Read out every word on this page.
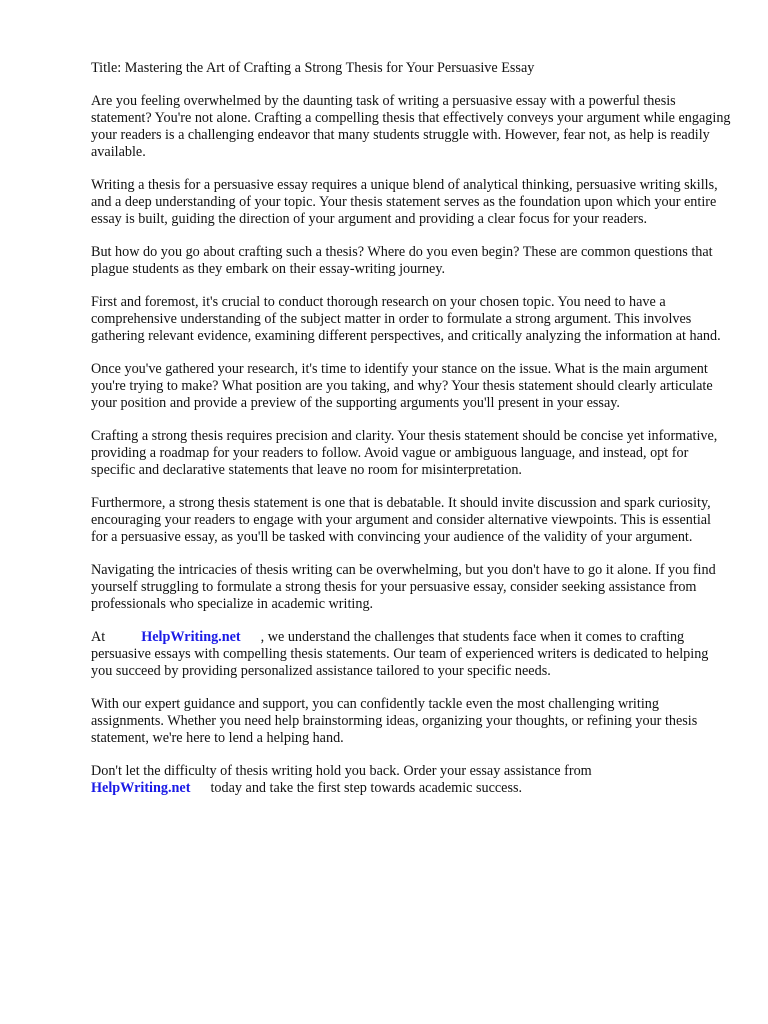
Title: Mastering the Art of Crafting a Strong Thesis for Your Persuasive Essay

Are you feeling overwhelmed by the daunting task of writing a persuasive essay with a powerful thesis statement? You're not alone. Crafting a compelling thesis that effectively conveys your argument while engaging your readers is a challenging endeavor that many students struggle with. However, fear not, as help is readily available.

Writing a thesis for a persuasive essay requires a unique blend of analytical thinking, persuasive writing skills, and a deep understanding of your topic. Your thesis statement serves as the foundation upon which your entire essay is built, guiding the direction of your argument and providing a clear focus for your readers.

But how do you go about crafting such a thesis? Where do you even begin? These are common questions that plague students as they embark on their essay-writing journey.

First and foremost, it's crucial to conduct thorough research on your chosen topic. You need to have a comprehensive understanding of the subject matter in order to formulate a strong argument. This involves gathering relevant evidence, examining different perspectives, and critically analyzing the information at hand.

Once you've gathered your research, it's time to identify your stance on the issue. What is the main argument you're trying to make? What position are you taking, and why? Your thesis statement should clearly articulate your position and provide a preview of the supporting arguments you'll present in your essay.

Crafting a strong thesis requires precision and clarity. Your thesis statement should be concise yet informative, providing a roadmap for your readers to follow. Avoid vague or ambiguous language, and instead, opt for specific and declarative statements that leave no room for misinterpretation.

Furthermore, a strong thesis statement is one that is debatable. It should invite discussion and spark curiosity, encouraging your readers to engage with your argument and consider alternative viewpoints. This is essential for a persuasive essay, as you'll be tasked with convincing your audience of the validity of your argument.

Navigating the intricacies of thesis writing can be overwhelming, but you don't have to go it alone. If you find yourself struggling to formulate a strong thesis for your persuasive essay, consider seeking assistance from professionals who specialize in academic writing.

At	HelpWriting.net , we understand the challenges that students face when it comes to crafting persuasive essays with compelling thesis statements. Our team of experienced writers is dedicated to helping you succeed by providing personalized assistance tailored to your specific needs.

With our expert guidance and support, you can confidently tackle even the most challenging writing assignments. Whether you need help brainstorming ideas, organizing your thoughts, or refining your thesis statement, we're here to lend a helping hand.

Don't let the difficulty of thesis writing hold you back. Order your essay assistance from
HelpWriting.net today and take the first step towards academic success.
